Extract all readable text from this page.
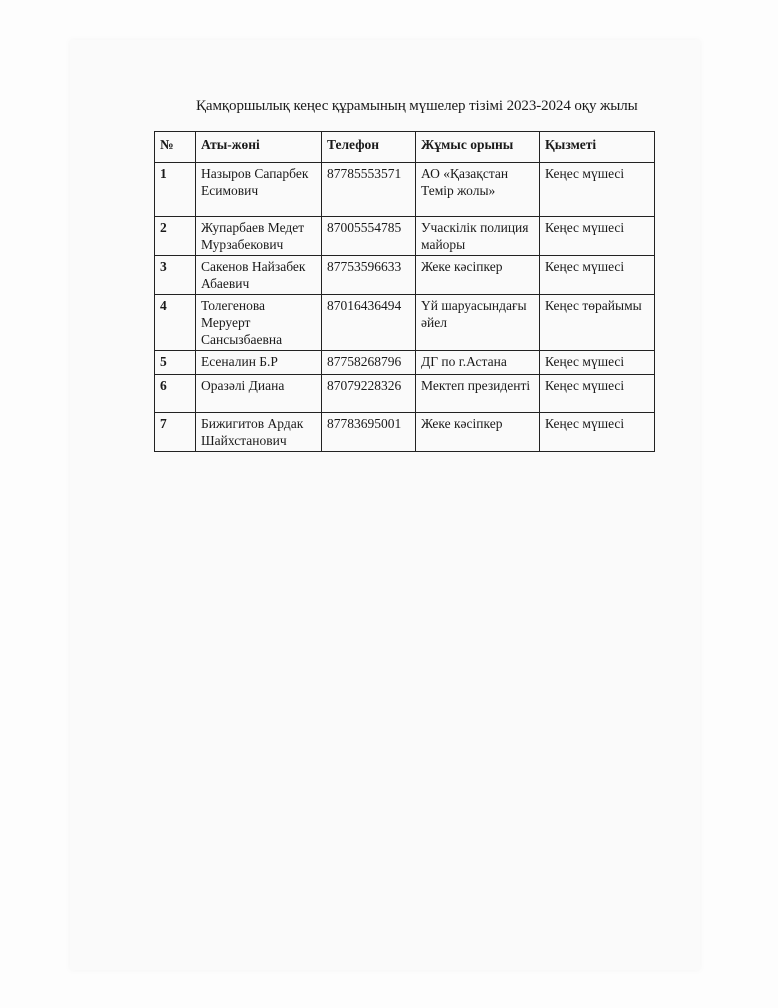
Қамқоршылық кеңес құрамының мүшелер тізімі 2023-2024 оқу жылы
№	Аты-жөні	Телефон	Жұмыс орыны	Қызметі
1	Назыров Сапарбек Есимович	87785553571	АО «Қазақстан Темір жолы»	Кеңес мүшесі
2	Жупарбаев Медет Мурзабекович	87005554785	Учаскілік полиция майоры	Кеңес мүшесі
3	Сакенов Найзабек Абаевич	87753596633	Жеке кәсіпкер	Кеңес мүшесі
4	Толегенова Меруерт Сансызбаевна	87016436494	Үй шаруасындағы әйел	Кеңес төрайымы
5	Есеналин Б.Р	87758268796	ДГ по г.Астана	Кеңес мүшесі
6	Оразәлі Диана	87079228326	Мектеп президенті	Кеңес мүшесі
7	Бижигитов Ардак Шайхстанович	87783695001	Жеке кәсіпкер	Кеңес мүшесі
